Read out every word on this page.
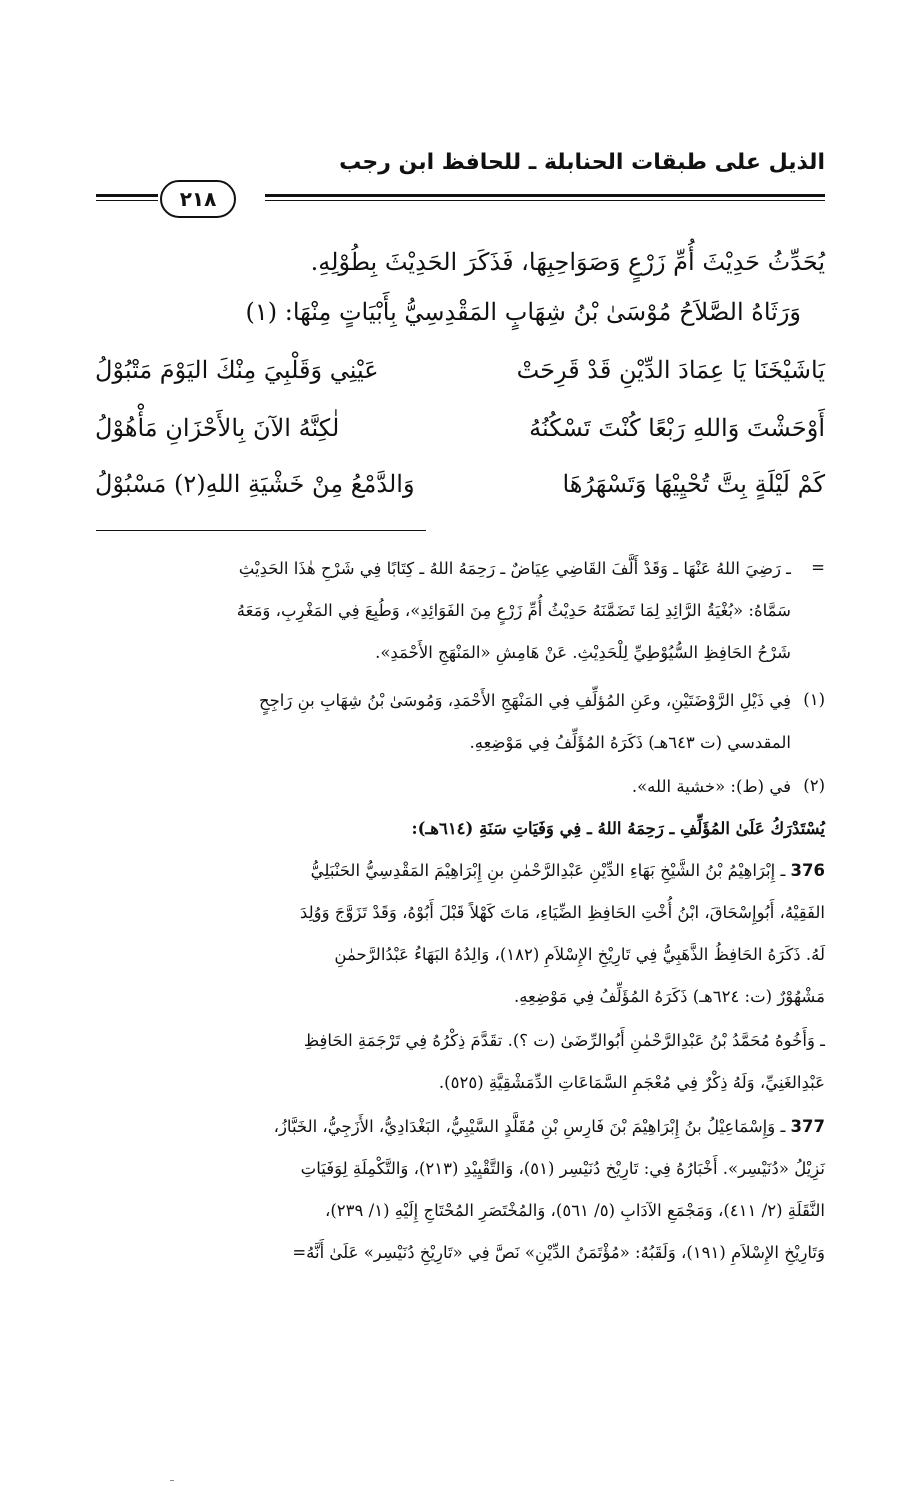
الذيل على طبقات الحنابلة ـ للحافظ ابن رجب
٢١٨
يُحَدِّثُ حَدِيْثَ أُمِّ زَرْعٍ وَصَوَاحِبِهَا، فَذَكَرَ الحَدِيْثَ بِطُوْلِهِ.
وَرَثَاهُ الصَّلاَحُ مُوْسَىٰ بْنُ شِهَابٍ المَقْدِسِيُّ بِأَبْيَاتٍ مِنْهَا: (١)
يَاشَيْخَنَا يَا عِمَادَ الدِّيْنِ قَدْ قَرِحَتْ
عَيْنِي وَقَلْبِيَ مِنْكَ اليَوْمَ مَتْبُوْلُ
أَوْحَشْتَ وَاللهِ رَبْعًا كُنْتَ تَسْكُنُهُ
لٰكِنَّهُ الآنَ بِالأَحْزَانِ مَأْهُوْلُ
كَمْ لَيْلَةٍ بِتَّ تُحْيِيْهَا وَتَسْهَرُهَا
وَالدَّمْعُ مِنْ خَشْيَةِ اللهِ(٢) مَسْبُوْلُ
=
ـ رَضِيَ اللهُ عَنْهَا ـ وَقَدْ أَلَّفَ القَاضِي عِيَاضٌ ـ رَحِمَهُ اللهُ ـ كِتَابًا فِي شَرْحِ هٰذَا الحَدِيْثِ
سَمَّاهُ: «بُغْيَةُ الرَّائِدِ لِمَا تَضَمَّنَهُ حَدِيْثُ أُمِّ زَرْعٍ مِنَ الفَوَائِدِ»، وَطُبِعَ فِي المَغْرِبِ، وَمَعَهُ
شَرْحُ الحَافِظِ السُّيُوْطِيِّ لِلْحَدِيْثِ. عَنْ هَامِشِ «المَنْهَجِ الأَحْمَدِ».
(١)
فِي ذَيْلِ الرَّوْضَتَيْنِ، وعَنِ المُؤلِّفِ فِي المَنْهَجِ الأَحْمَدِ، وَمُوسَىٰ بْنُ شِهَابِ بنِ رَاجِحٍ
المقدسي (ت ٦٤٣هـ) ذَكَرَهُ المُؤَلِّفُ فِي مَوْضِعِهِ.
(٢)
في (ط): «خشية الله».
يُسْتَدْرَكُ عَلَىٰ المُؤَلِّفِ ـ رَحِمَهُ اللهُ ـ فِي وَفَيَاتِ سَنَةِ (٦١٤هـ):
376 ـ إِبْرَاهِيْمُ بْنُ الشَّيْخِ بَهَاءِ الدِّيْنِ عَبْدِالرَّحْمٰنِ بنِ إِبْرَاهِيْمَ المَقْدِسِيُّ الحَنْبَلِيُّ
الفَقِيْهُ، أَبُوإِسْحَاقَ، ابْنُ أُخْتِ الحَافِظِ الضِّيَاءِ، مَاتَ كَهْلاً قَبْلَ أَبُوْهُ، وَقَدْ تَزَوَّجَ وَوُلِدَ
لَهُ. ذَكَرَهُ الحَافِظُ الذَّهَبِيُّ فِي تَارِيْخِ الإِسْلاَمِ (١٨٢)، وَالِدُهُ البَهَاءُ عَبْدُالرَّحمٰنِ
مَشْهُوْرٌ (ت: ٦٢٤هـ) ذَكَرَهُ المُؤَلِّفُ فِي مَوْضِعِهِ.
ـ وَأَخُوهُ مُحَمَّدُ بْنُ عَبْدِالرَّحْمٰنِ أَبُوالرِّضَىٰ (ت ؟). تقَدَّمَ ذِكْرُهُ فِي تَرْجَمَةِ الحَافِظِ
عَبْدِالغَنِيِّ، وَلَهُ ذِكْرٌ فِي مُعْجَمِ السَّمَاعَاتِ الدِّمَشْقِيَّةِ (٥٢٥).
377 ـ وَإِسْمَاعِيْلُ بنُ إِبْرَاهِيْمَ بْنَ فَارِسِ بْنِ مُقَلَّدٍ السَّيْبِيُّ، البَغْدَادِيُّ، الأَزَجِيُّ، الخَبَّازُ،
نَزِيْلُ «دُنَيْسِر». أَخْبَارُهُ فِي: تَارِيْخ دُنَيْسِر (٥١)، وَالتَّقْيِيْدِ (٢١٣)، وَالتَّكْمِلَةِ لِوَفَيَاتِ
النَّقَلَةِ (٢/ ٤١١)، وَمَجْمَعِ الآدَابِ (٥/ ٥٦١)، وَالمُخْتَصَرِ المُحْتَاجِ إِلَيْهِ (١/ ٢٣٩)،
وَتَارِيْخِ الإِسْلاَمِ (١٩١)، وَلَقَبُهُ: «مُؤْتَمَنُ الدِّيْنِ» نَصَّ فِي «تَارِيْخِ دُنَيْسِر» عَلَىٰ أَنَّهُ=
